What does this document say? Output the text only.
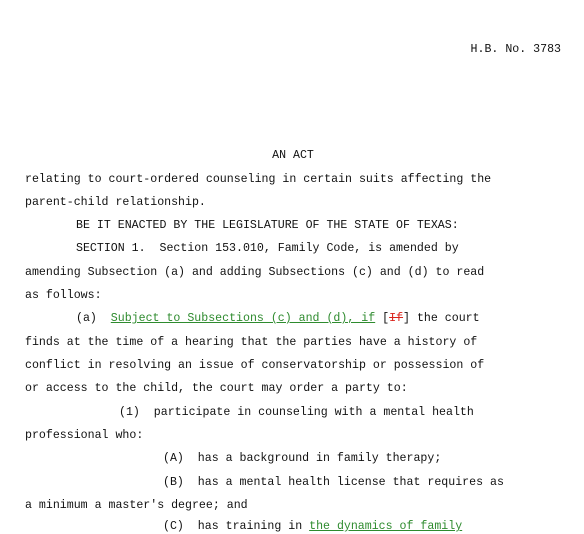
H.B. No. 3783
AN ACT
relating to court-ordered counseling in certain suits affecting the
parent-child relationship.
BE IT ENACTED BY THE LEGISLATURE OF THE STATE OF TEXAS:
SECTION 1.  Section 153.010, Family Code, is amended by
amending Subsection (a) and adding Subsections (c) and (d) to read
as follows:
(a)  Subject to Subsections (c) and (d), if [If] the court
finds at the time of a hearing that the parties have a history of
conflict in resolving an issue of conservatorship or possession of
or access to the child, the court may order a party to:
(1)  participate in counseling with a mental health
professional who:
(A)  has a background in family therapy;
(B)  has a mental health license that requires as
a minimum a master's degree; and
(C)  has training in the dynamics of family
